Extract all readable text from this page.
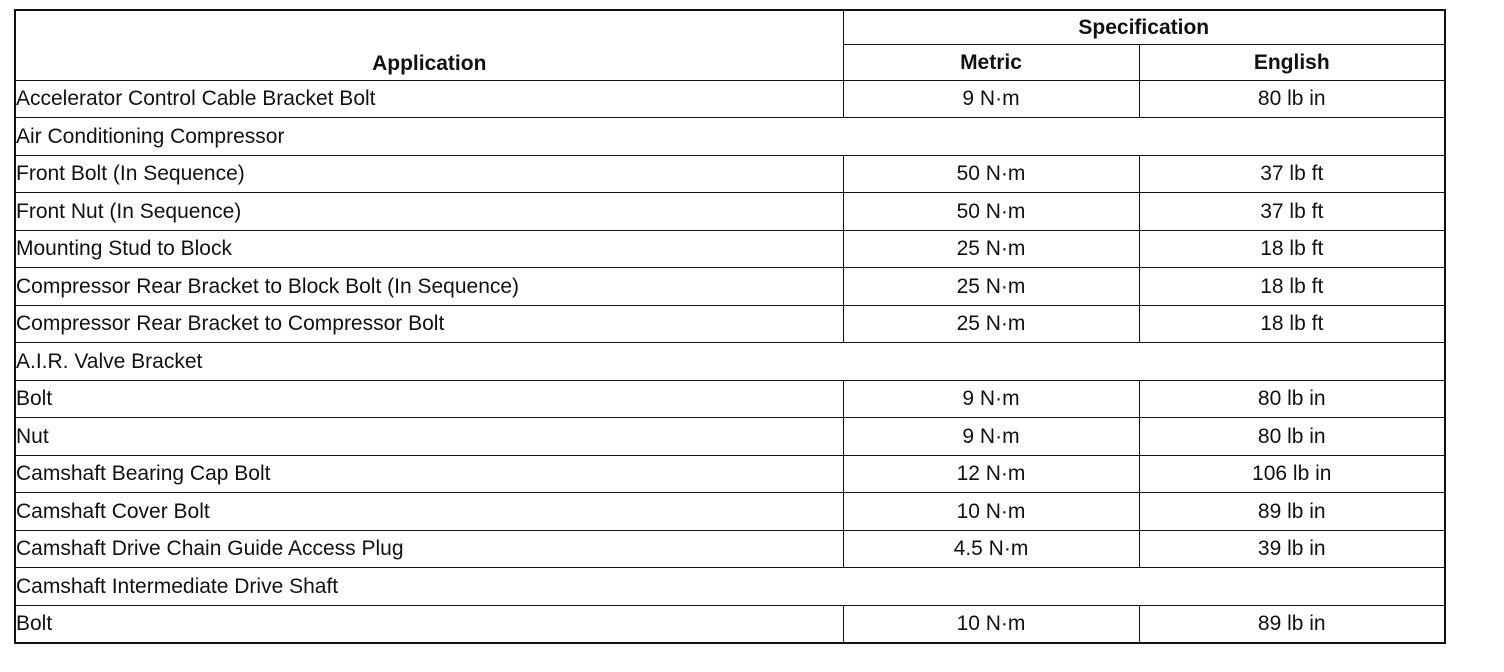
Application	Specification	
	Metric	English
Accelerator Control Cable Bracket Bolt	9 N·m	80 lb in
Air Conditioning Compressor		
Front Bolt (In Sequence)	50 N·m	37 lb ft
Front Nut (In Sequence)	50 N·m	37 lb ft
Mounting Stud to Block	25 N·m	18 lb ft
Compressor Rear Bracket to Block Bolt (In Sequence)	25 N·m	18 lb ft
Compressor Rear Bracket to Compressor Bolt	25 N·m	18 lb ft
A.I.R. Valve Bracket		
Bolt	9 N·m	80 lb in
Nut	9 N·m	80 lb in
Camshaft Bearing Cap Bolt	12 N·m	106 lb in
Camshaft Cover Bolt	10 N·m	89 lb in
Camshaft Drive Chain Guide Access Plug	4.5 N·m	39 lb in
Camshaft Intermediate Drive Shaft		
Bolt	10 N·m	89 lb in
